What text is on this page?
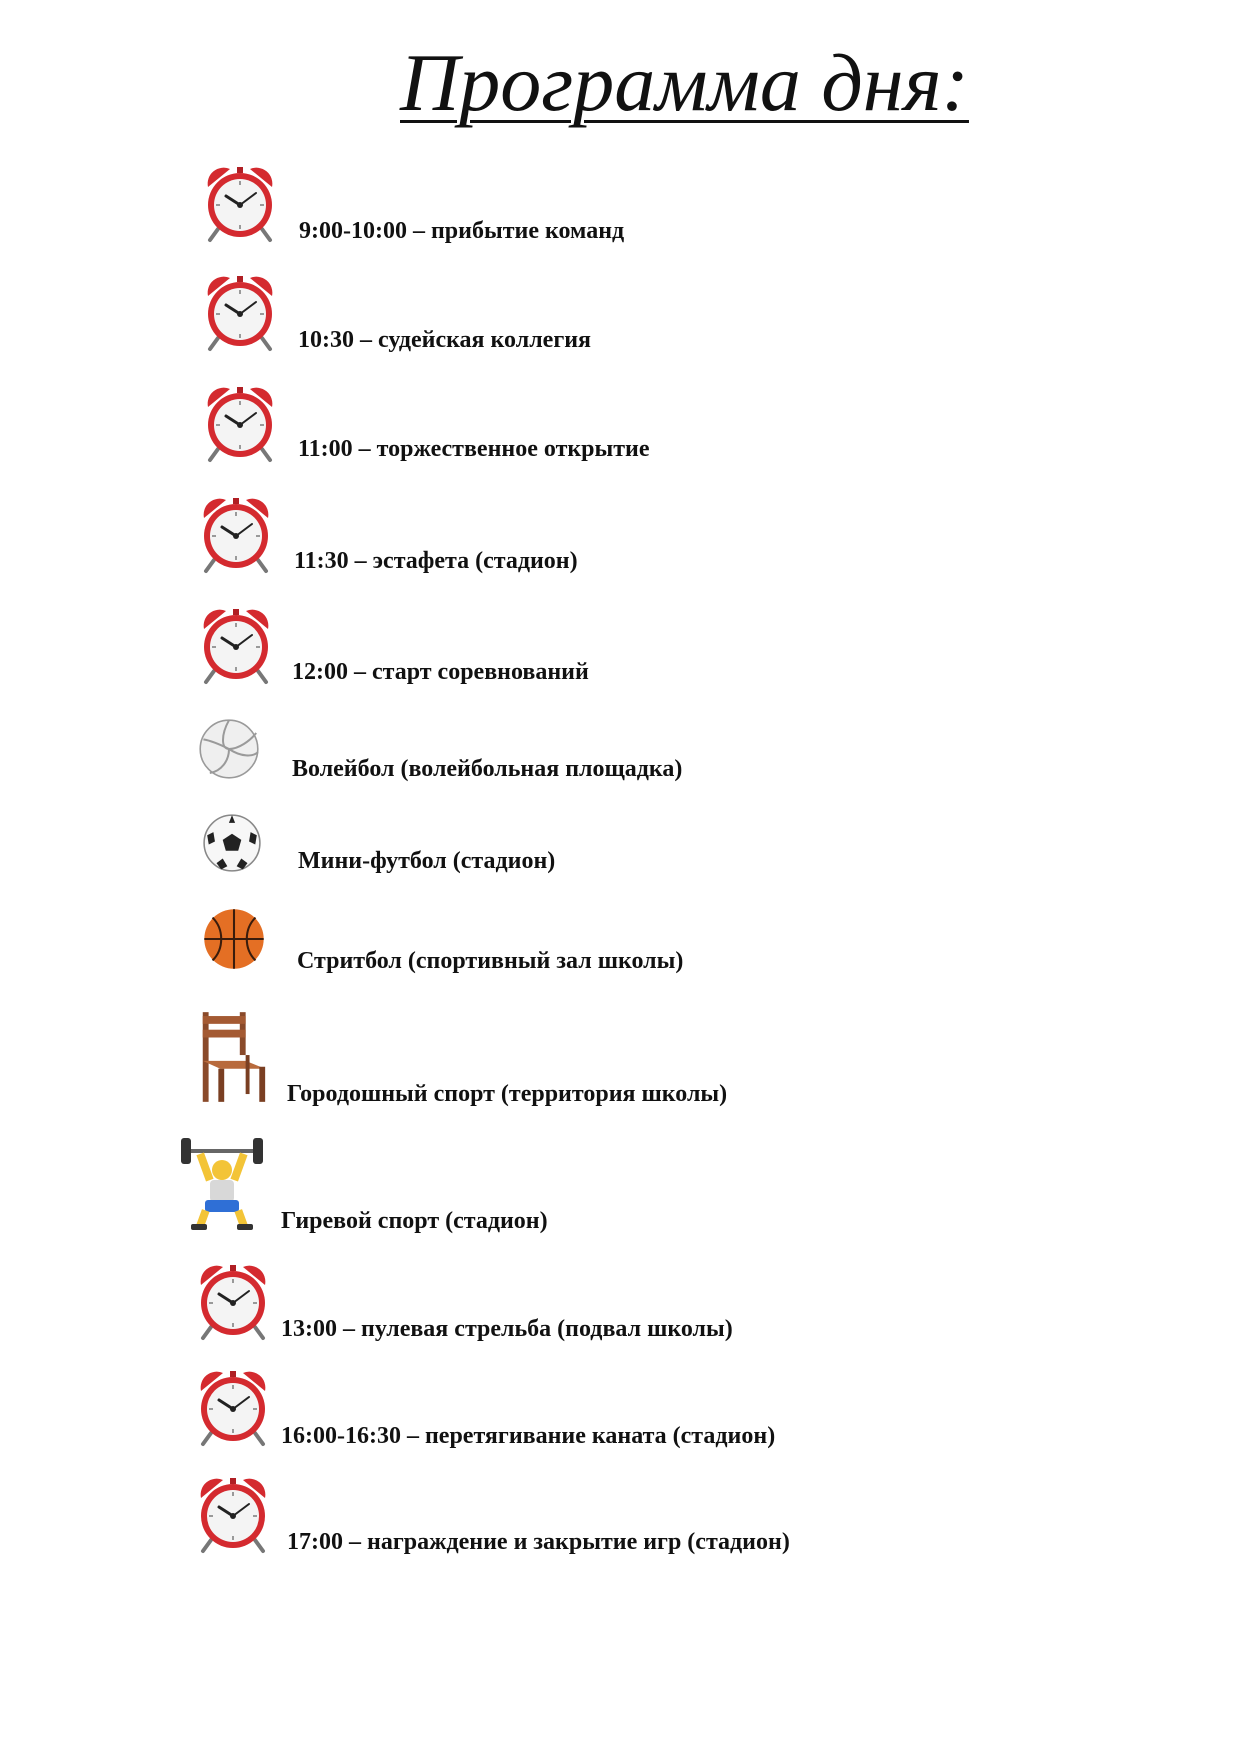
Программа дня:
9:00-10:00 – прибытие команд
10:30 – судейская коллегия
11:00 – торжественное открытие
11:30 – эстафета (стадион)
12:00 – старт соревнований
Волейбол (волейбольная площадка)
Мини-футбол (стадион)
Стритбол (спортивный зал школы)
Городошный спорт (территория школы)
Гиревой спорт (стадион)
13:00 – пулевая стрельба (подвал школы)
16:00-16:30 – перетягивание каната (стадион)
17:00 – награждение и закрытие игр (стадион)
